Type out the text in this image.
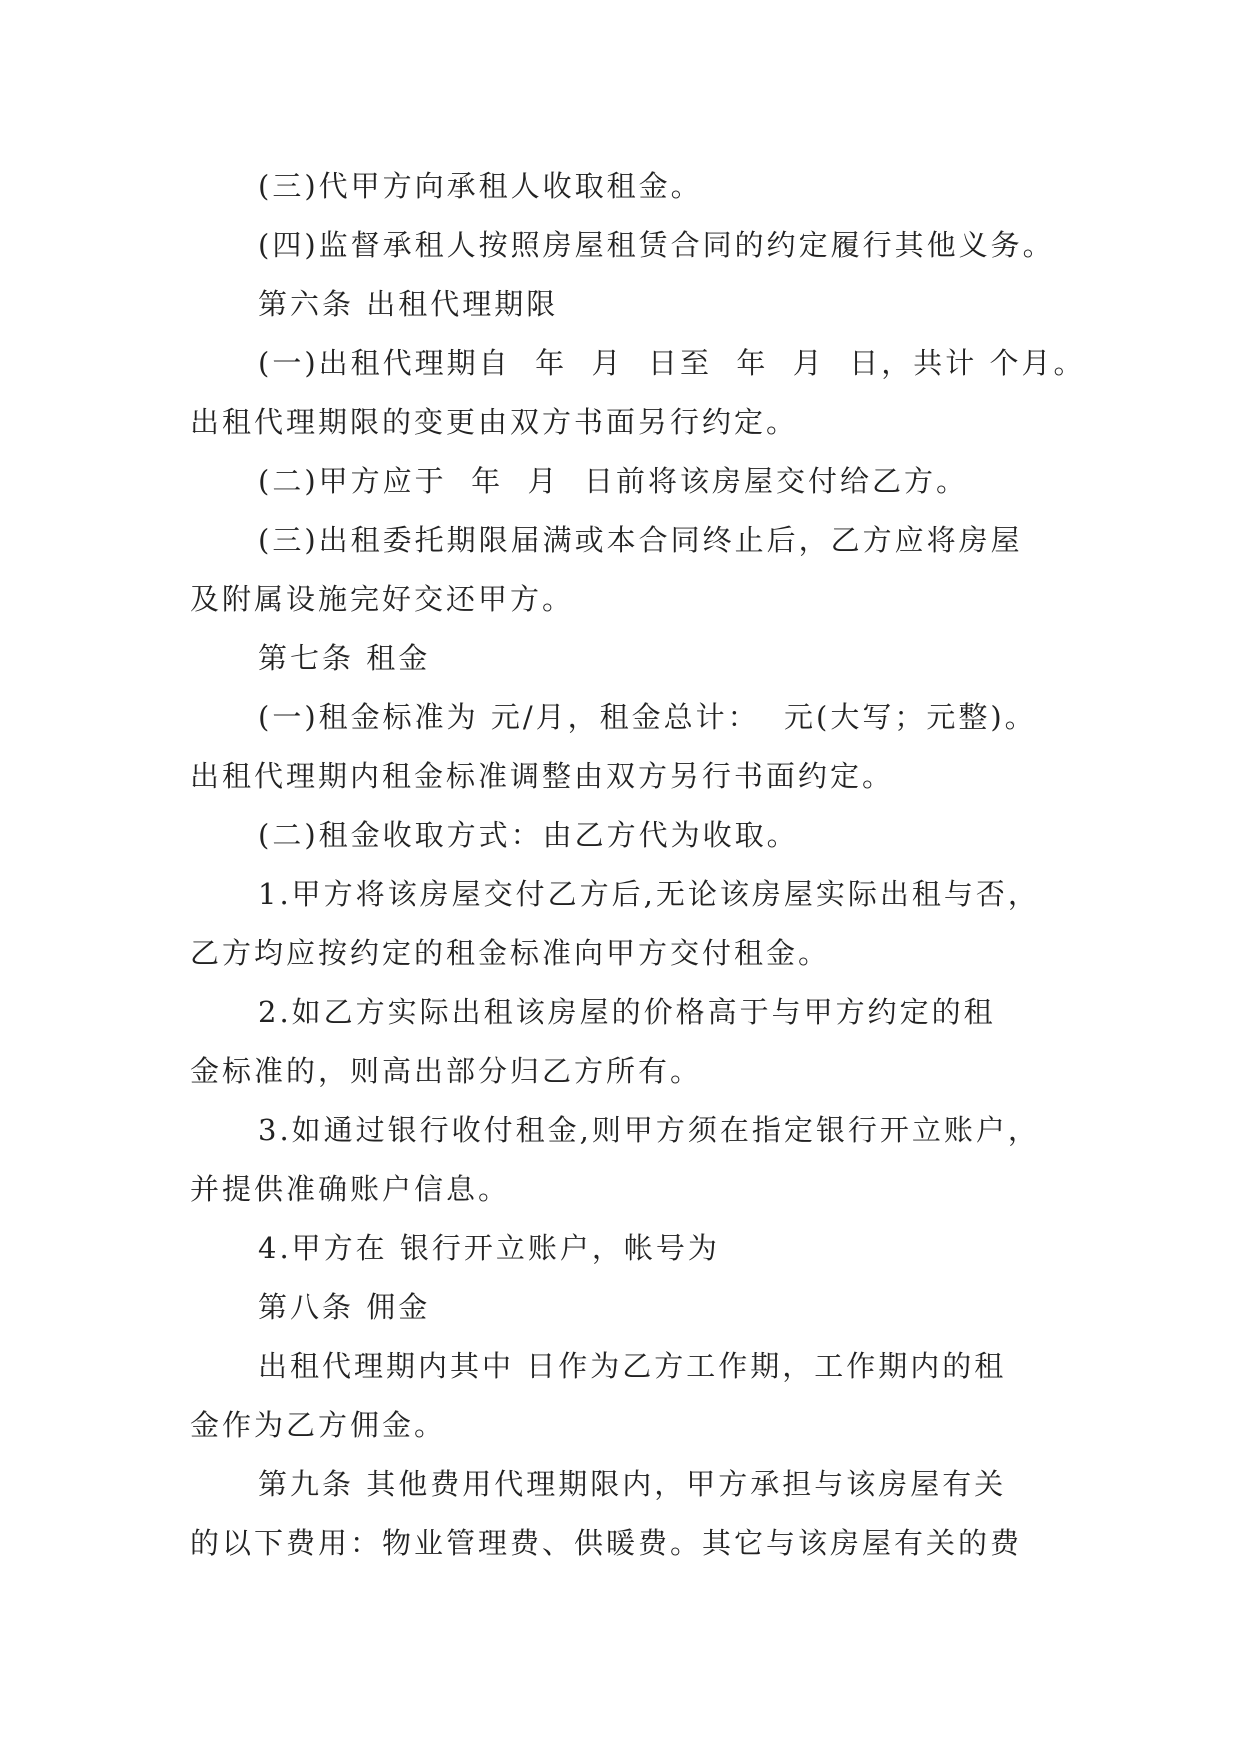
(三)代甲方向承租人收取租金。
(四)监督承租人按照房屋租赁合同的约定履行其他义务。
第六条 出租代理期限
(一)出租代理期自  年  月  日至  年  月  日，共计 个月。
出租代理期限的变更由双方书面另行约定。
(二)甲方应于  年  月  日前将该房屋交付给乙方。
(三)出租委托期限届满或本合同终止后，乙方应将房屋
及附属设施完好交还甲方。
第七条 租金
(一)租金标准为 元/月，租金总计：  元(大写；元整)。
出租代理期内租金标准调整由双方另行书面约定。
(二)租金收取方式：由乙方代为收取。
1.甲方将该房屋交付乙方后,无论该房屋实际出租与否，
乙方均应按约定的租金标准向甲方交付租金。
2.如乙方实际出租该房屋的价格高于与甲方约定的租
金标准的，则高出部分归乙方所有。
3.如通过银行收付租金,则甲方须在指定银行开立账户，
并提供准确账户信息。
4.甲方在 银行开立账户，帐号为
第八条 佣金
出租代理期内其中 日作为乙方工作期，工作期内的租
金作为乙方佣金。
第九条 其他费用代理期限内，甲方承担与该房屋有关
的以下费用：物业管理费、供暖费。其它与该房屋有关的费
